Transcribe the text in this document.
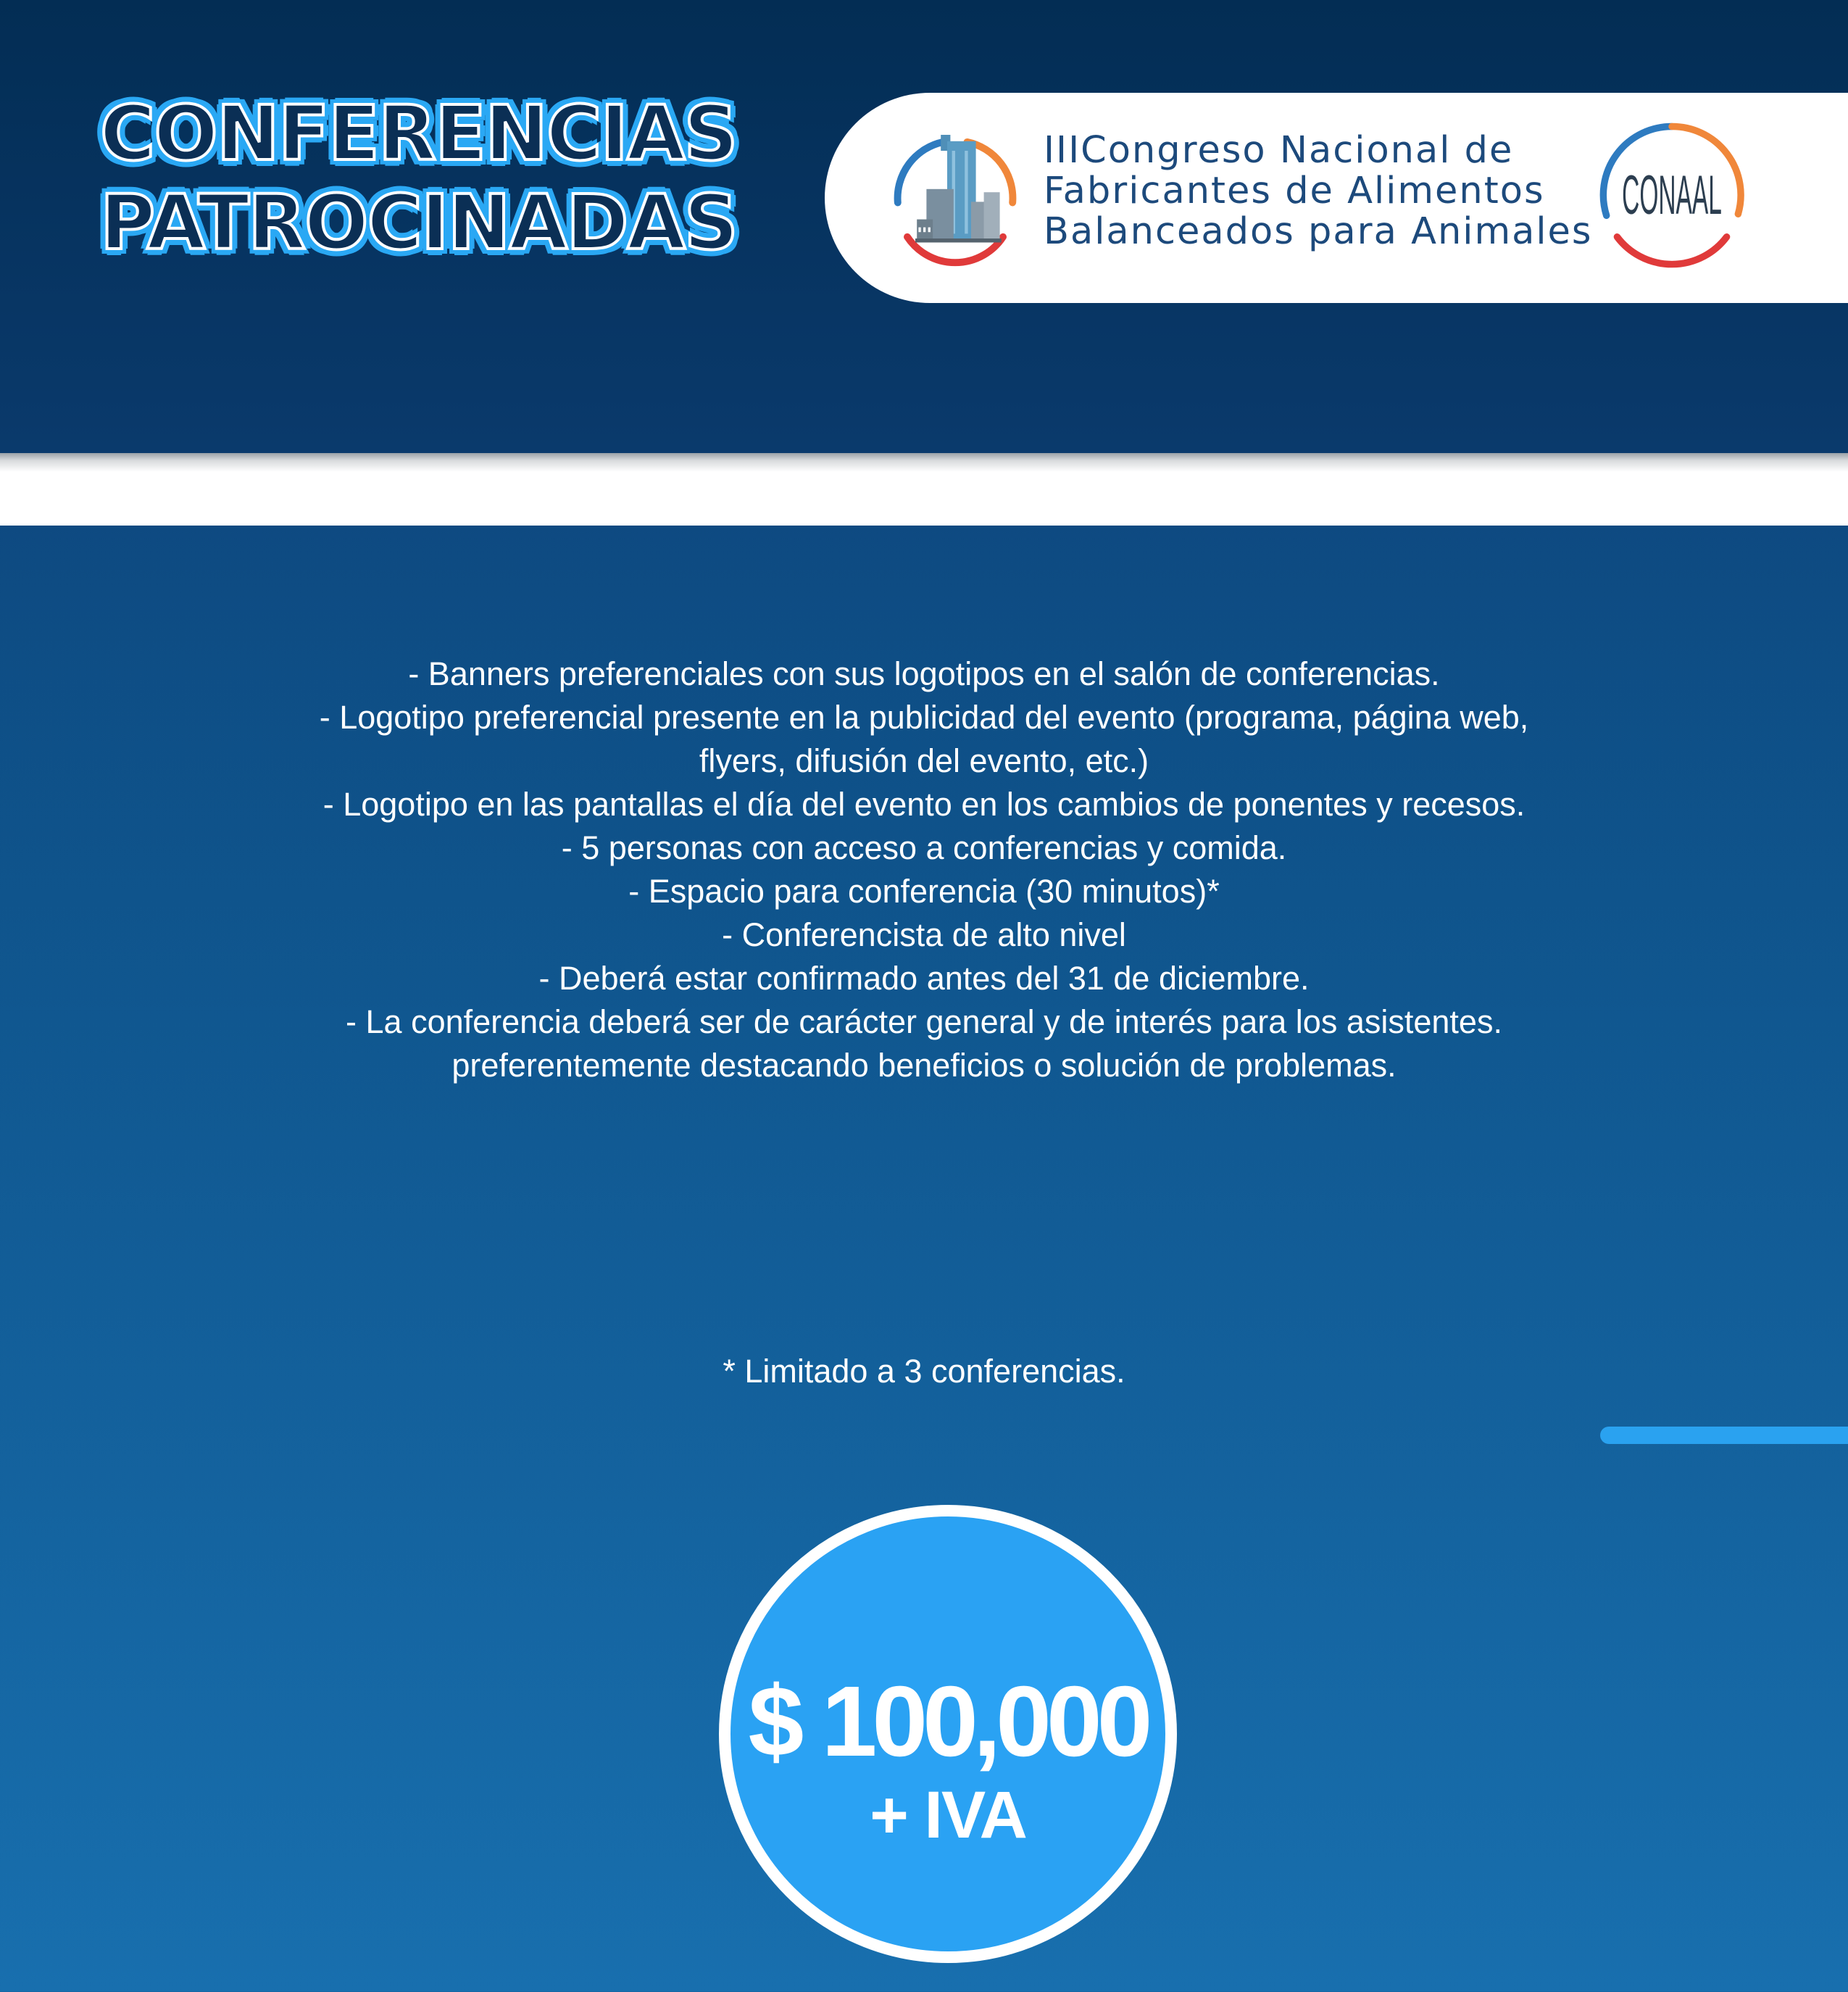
CONFERENCIAS
PATROCINADAS

IIICongreso Nacional de
Fabricantes de Alimentos
Balanceados para Animales

CONAAL
- Banners preferenciales con sus logotipos en el salón de conferencias.
- Logotipo preferencial presente en la publicidad del evento (programa, página web, flyers, difusión del evento, etc.)
- Logotipo en las pantallas el día del evento en los cambios de ponentes y recesos.
- 5 personas con acceso a conferencias y comida.
- Espacio para conferencia (30 minutos)*
- Conferencista de alto nivel
- Deberá estar confirmado antes del 31 de diciembre.
- La conferencia deberá ser de carácter general y de interés para los asistentes. preferentemente destacando beneficios o solución de problemas.

* Limitado a 3 conferencias.

$ 100,000
+ IVA
